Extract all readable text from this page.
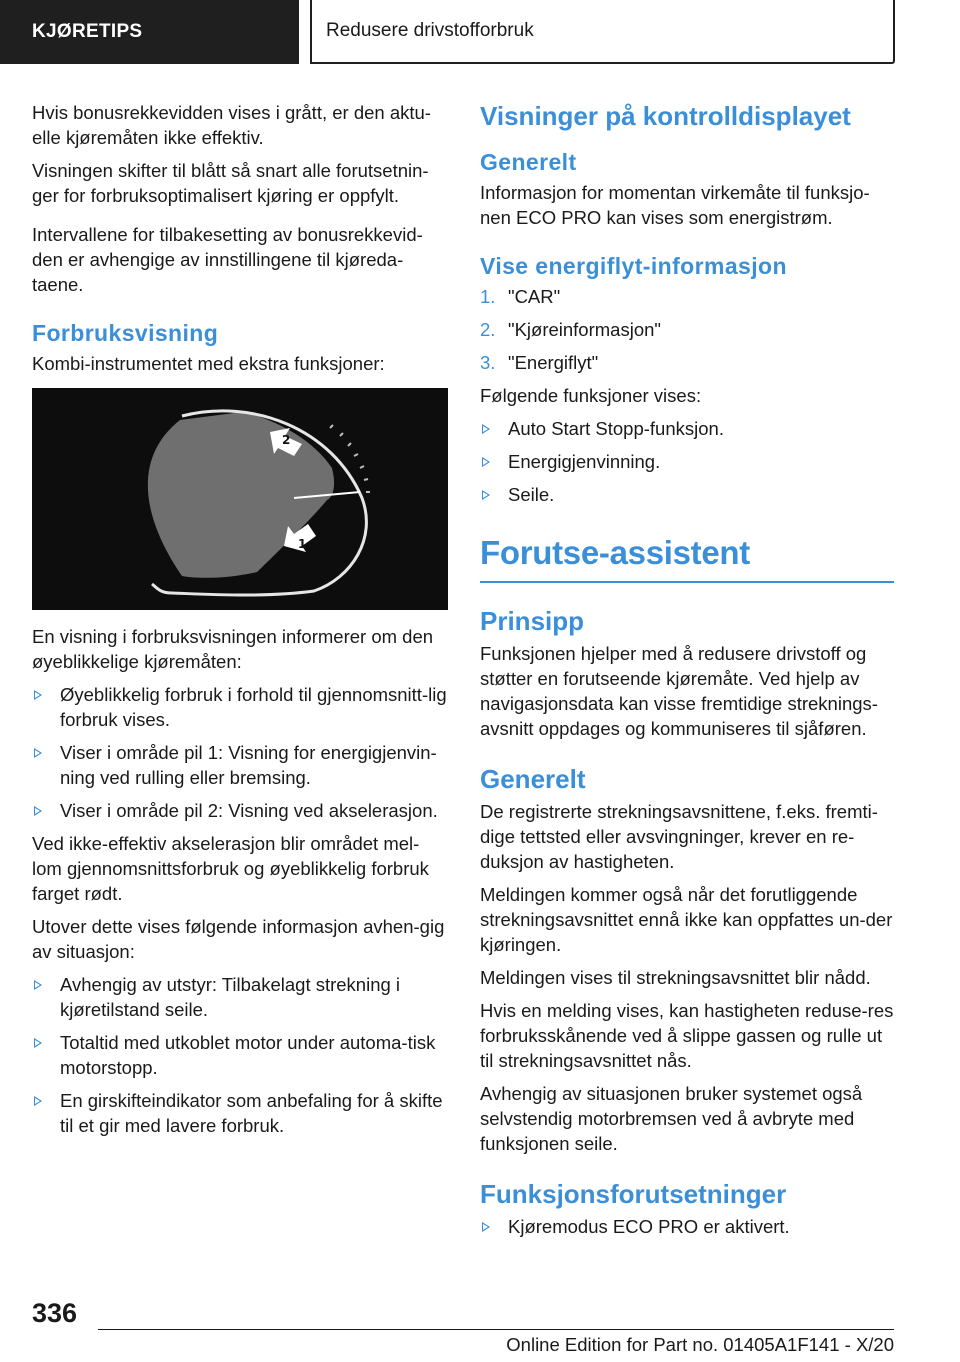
KJØRETIPS	Redusere drivstofforbruk

Hvis bonusrekkevidden vises i grått, er den aktu-elle kjøremåten ikke effektiv.

Visningen skifter til blått så snart alle forutsetnin-ger for forbruksoptimalisert kjøring er oppfylt.

Intervallene for tilbakesetting av bonusrekkevid-den er avhengige av innstillingene til kjøreda-taene.

Forbruksvisning

Kombi-instrumentet med ekstra funksjoner:

2
1

En visning i forbruksvisningen informerer om den øyeblikkelige kjøremåten:

Øyeblikkelig forbruk i forhold til gjennomsnitt-lig forbruk vises.
Viser i område pil 1: Visning for energigjenvin-ning ved rulling eller bremsing.
Viser i område pil 2: Visning ved akselerasjon.

Ved ikke-effektiv akselerasjon blir området mel-lom gjennomsnittsforbruk og øyeblikkelig forbruk farget rødt.

Utover dette vises følgende informasjon avhen-gig av situasjon:

Avhengig av utstyr: Tilbakelagt strekning i kjøretilstand seile.
Totaltid med utkoblet motor under automa-tisk motorstopp.
En girskifteindikator som anbefaling for å skifte til et gir med lavere forbruk.
Visninger på kontrolldisplayet
Generelt

Informasjon for momentan virkemåte til funksjo-nen ECO PRO kan vises som energistrøm.

Vise energiflyt-informasjon
1. "CAR"
2. "Kjøreinformasjon"
3. "Energiflyt"

Følgende funksjoner vises:

Auto Start Stopp-funksjon.
Energigjenvinning.
Seile.
Forutse-assistent
Prinsipp

Funksjonen hjelper med å redusere drivstoff og støtter en forutseende kjøremåte. Ved hjelp av navigasjonsdata kan visse fremtidige streknings-avsnitt oppdages og kommuniseres til sjåføren.

Generelt

De registrerte strekningsavsnittene, f.eks. fremti-dige tettsted eller avsvingninger, krever en re-duksjon av hastigheten.

Meldingen kommer også når det forutliggende strekningsavsnittet ennå ikke kan oppfattes un-der kjøringen.

Meldingen vises til strekningsavsnittet blir nådd.

Hvis en melding vises, kan hastigheten reduse-res forbruksskånende ved å slippe gassen og rulle ut til strekningsavsnittet nås.

Avhengig av situasjonen bruker systemet også selvstendig motorbremsen ved å avbryte med funksjonen seile.

Funksjonsforutsetninger
Kjøremodus ECO PRO er aktivert.
336
Online Edition for Part no. 01405A1F141 - X/20
